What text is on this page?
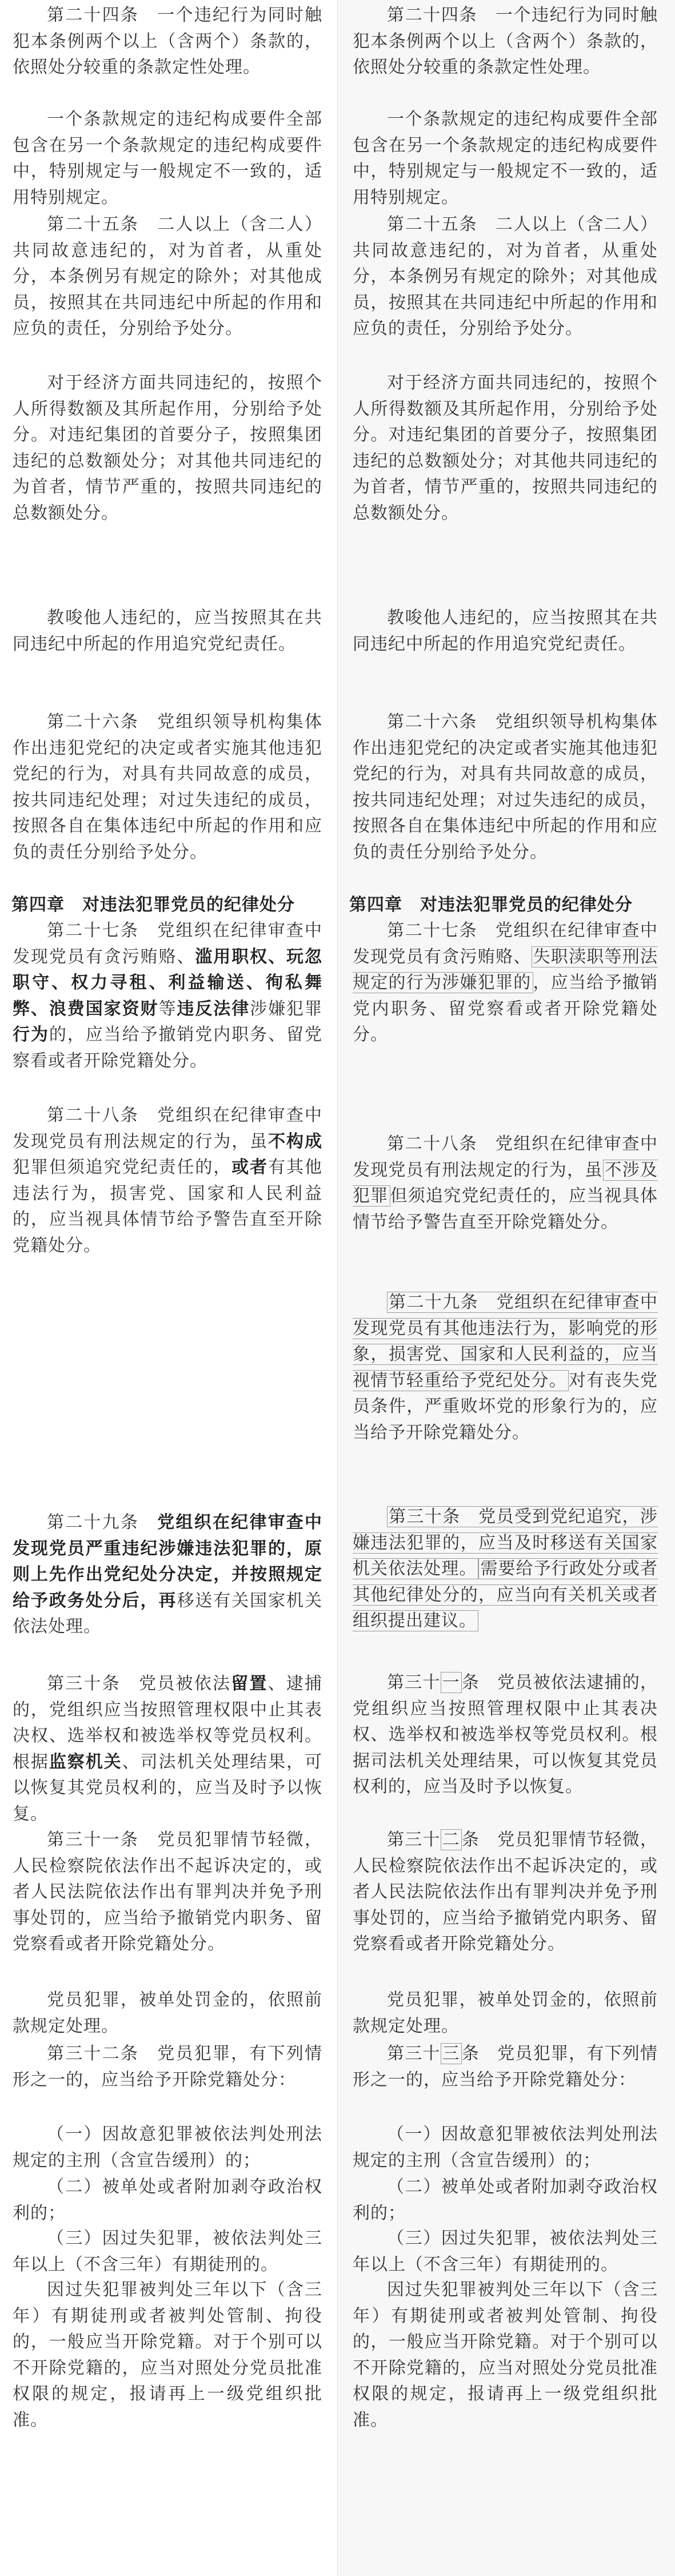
第二十四条　一个违纪行为同时触犯本条例两个以上（含两个）条款的，依照处分较重的条款定性处理。

一个条款规定的违纪构成要件全部包含在另一个条款规定的违纪构成要件中，特别规定与一般规定不一致的，适用特别规定。

第二十五条　二人以上（含二人）共同故意违纪的，对为首者，从重处分，本条例另有规定的除外；对其他成员，按照其在共同违纪中所起的作用和应负的责任，分别给予处分。

对于经济方面共同违纪的，按照个人所得数额及其所起作用，分别给予处分。对违纪集团的首要分子，按照集团违纪的总数额处分；对其他共同违纪的为首者，情节严重的，按照共同违纪的总数额处分。

教唆他人违纪的，应当按照其在共同违纪中所起的作用追究党纪责任。

第二十六条　党组织领导机构集体作出违犯党纪的决定或者实施其他违犯党纪的行为，对具有共同故意的成员，按共同违纪处理；对过失违纪的成员，按照各自在集体违纪中所起的作用和应负的责任分别给予处分。

第四章　对违法犯罪党员的纪律处分

第二十七条　党组织在纪律审查中发现党员有贪污贿赂、滥用职权、玩忽职守、权力寻租、利益输送、徇私舞弊、浪费国家资财等违反法律涉嫌犯罪行为的，应当给予撤销党内职务、留党察看或者开除党籍处分。

第二十八条　党组织在纪律审查中发现党员有刑法规定的行为，虽不构成犯罪但须追究党纪责任的，或者有其他违法行为，损害党、国家和人民利益的，应当视具体情节给予警告直至开除党籍处分。

第二十九条　党组织在纪律审查中发现党员严重违纪涉嫌违法犯罪的，原则上先作出党纪处分决定，并按照规定给予政务处分后，再移送有关国家机关依法处理。

第三十条　党员被依法留置、逮捕的，党组织应当按照管理权限中止其表决权、选举权和被选举权等党员权利。根据监察机关、司法机关处理结果，可以恢复其党员权利的，应当及时予以恢复。

第三十一条　党员犯罪情节轻微，人民检察院依法作出不起诉决定的，或者人民法院依法作出有罪判决并免予刑事处罚的，应当给予撤销党内职务、留党察看或者开除党籍处分。

党员犯罪，被单处罚金的，依照前款规定处理。

第三十二条　党员犯罪，有下列情形之一的，应当给予开除党籍处分：

（一）因故意犯罪被依法判处刑法规定的主刑（含宣告缓刑）的；

（二）被单处或者附加剥夺政治权利的；

（三）因过失犯罪，被依法判处三年以上（不含三年）有期徒刑的。

因过失犯罪被判处三年以下（含三年）有期徒刑或者被判处管制、拘役的，一般应当开除党籍。对于个别可以不开除党籍的，应当对照处分党员批准权限的规定，报请再上一级党组织批准。

第二十四条　一个违纪行为同时触犯本条例两个以上（含两个）条款的，依照处分较重的条款定性处理。

一个条款规定的违纪构成要件全部包含在另一个条款规定的违纪构成要件中，特别规定与一般规定不一致的，适用特别规定。

第二十五条　二人以上（含二人）共同故意违纪的，对为首者，从重处分，本条例另有规定的除外；对其他成员，按照其在共同违纪中所起的作用和应负的责任，分别给予处分。

对于经济方面共同违纪的，按照个人所得数额及其所起作用，分别给予处分。对违纪集团的首要分子，按照集团违纪的总数额处分；对其他共同违纪的为首者，情节严重的，按照共同违纪的总数额处分。

教唆他人违纪的，应当按照其在共同违纪中所起的作用追究党纪责任。

第二十六条　党组织领导机构集体作出违犯党纪的决定或者实施其他违犯党纪的行为，对具有共同故意的成员，按共同违纪处理；对过失违纪的成员，按照各自在集体违纪中所起的作用和应负的责任分别给予处分。

第四章　对违法犯罪党员的纪律处分

第二十七条　党组织在纪律审查中发现党员有贪污贿赂、 失职渎职等刑法规定的行为涉嫌犯罪的 ，应当给予撤销党内职务、留党察看或者开除党籍处分。

第二十八条　党组织在纪律审查中发现党员有刑法规定的行为，虽 不涉及犯罪 但须追究党纪责任的，应当视具体情节给予警告直至开除党籍处分。

第二十九条　党组织在纪律审查中发现党员有其他违法行为，影响党的形象，损害党、国家和人民利益的，应当视情节轻重给予党纪处分。 对有丧失党员条件，严重败坏党的形象行为的，应当给予开除党籍处分。

第三十条　党员受到党纪追究，涉嫌违法犯罪的，应当及时移送有关国家机关依法处理。 需要给予行政处分或者其他纪律处分的，应当向有关机关或者组织提出建议。

第三十 一 条　党员被依法逮捕的，党组织应当按照管理权限中止其表决权、选举权和被选举权等党员权利。根据司法机关处理结果，可以恢复其党员权利的，应当及时予以恢复。

第三十 二 条　党员犯罪情节轻微，人民检察院依法作出不起诉决定的，或者人民法院依法作出有罪判决并免予刑事处罚的，应当给予撤销党内职务、留党察看或者开除党籍处分。

党员犯罪，被单处罚金的，依照前款规定处理。

第三十 三 条　党员犯罪，有下列情形之一的，应当给予开除党籍处分：

（一）因故意犯罪被依法判处刑法规定的主刑（含宣告缓刑）的；

（二）被单处或者附加剥夺政治权利的；

（三）因过失犯罪，被依法判处三年以上（不含三年）有期徒刑的。

因过失犯罪被判处三年以下（含三年）有期徒刑或者被判处管制、拘役的，一般应当开除党籍。对于个别可以不开除党籍的，应当对照处分党员批准权限的规定，报请再上一级党组织批准。
